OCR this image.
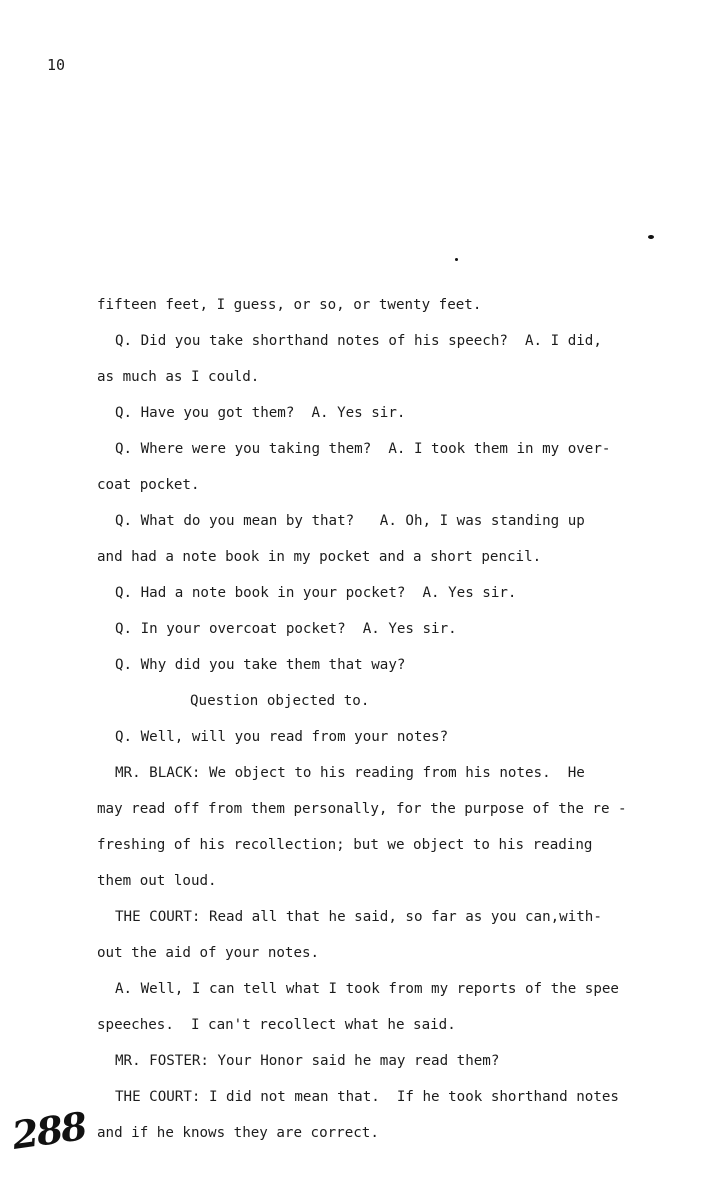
10
fifteen feet, I guess, or so, or twenty feet.
Q. Did you take shorthand notes of his speech?  A. I did,
as much as I could.
Q. Have you got them?  A. Yes sir.
Q. Where were you taking them?  A. I took them in my over-
coat pocket.
Q. What do you mean by that?   A. Oh, I was standing up
and had a note book in my pocket and a short pencil.
Q. Had a note book in your pocket?  A. Yes sir.
Q. In your overcoat pocket?  A. Yes sir.
Q. Why did you take them that way?
Question objected to.
Q. Well, will you read from your notes?
MR. BLACK: We object to his reading from his notes.  He
may read off from them personally, for the purpose of the re -
freshing of his recollection; but we object to his reading
them out loud.
THE COURT: Read all that he said, so far as you can,with-
out the aid of your notes.
A. Well, I can tell what I took from my reports of the spee
speeches.  I can't recollect what he said.
MR. FOSTER: Your Honor said he may read them?
THE COURT: I did not mean that.  If he took shorthand notes
and if he knows they are correct.
288
